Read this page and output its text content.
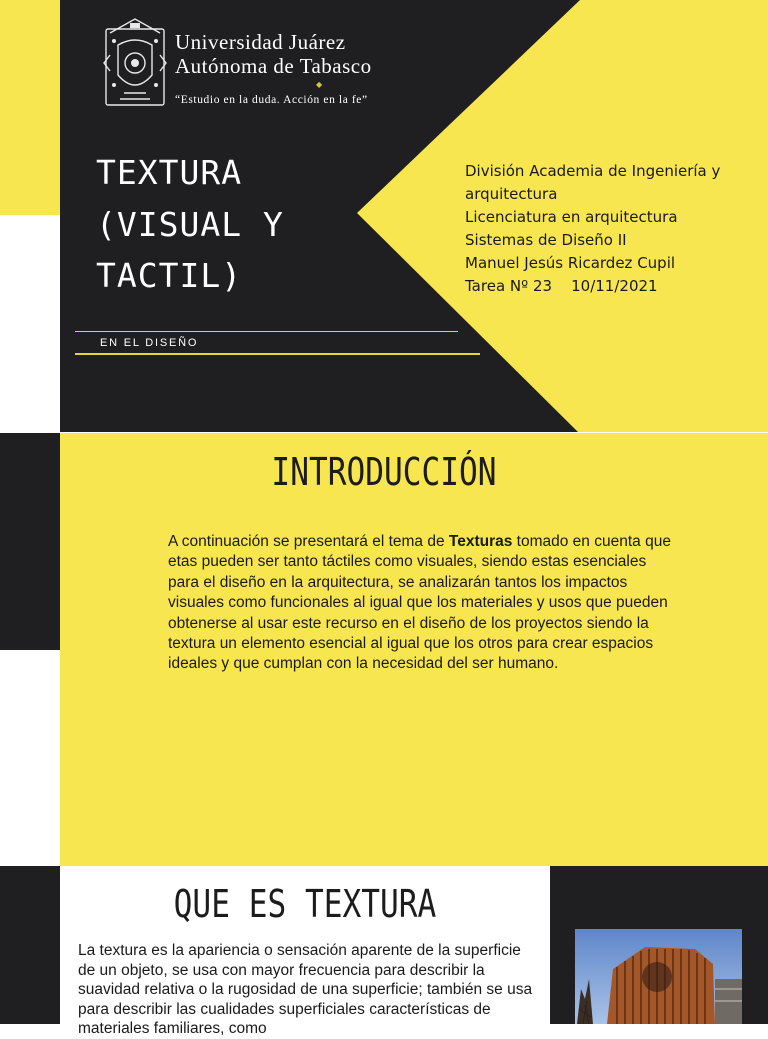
Universidad Juárez
Autónoma de Tabasco
◆
“Estudio en la duda. Acción en la fe”
TEXTURA
(VISUAL Y
TACTIL)
EN EL DISEÑO
División Academia de Ingeniería y
arquitectura
Licenciatura en arquitectura
Sistemas de Diseño II
Manuel Jesús Ricardez Cupil
Tarea Nº 23    10/11/2021
INTRODUCCIÓN
A continuación se presentará el tema de Texturas tomado en cuenta que etas pueden ser tanto táctiles como visuales, siendo estas esenciales para el diseño en la arquitectura, se analizarán tantos los impactos visuales como funcionales al igual que los materiales y usos que pueden obtenerse al usar este recurso en el diseño de los proyectos siendo la textura un elemento esencial al igual que los otros para crear espacios ideales y que cumplan con la necesidad del ser humano.
QUE ES TEXTURA
La textura es la apariencia o sensación aparente de la superficie de un objeto, se usa con mayor frecuencia para describir la suavidad relativa o la rugosidad de una superficie; también se usa para describir las cualidades superficiales características de materiales familiares, como
